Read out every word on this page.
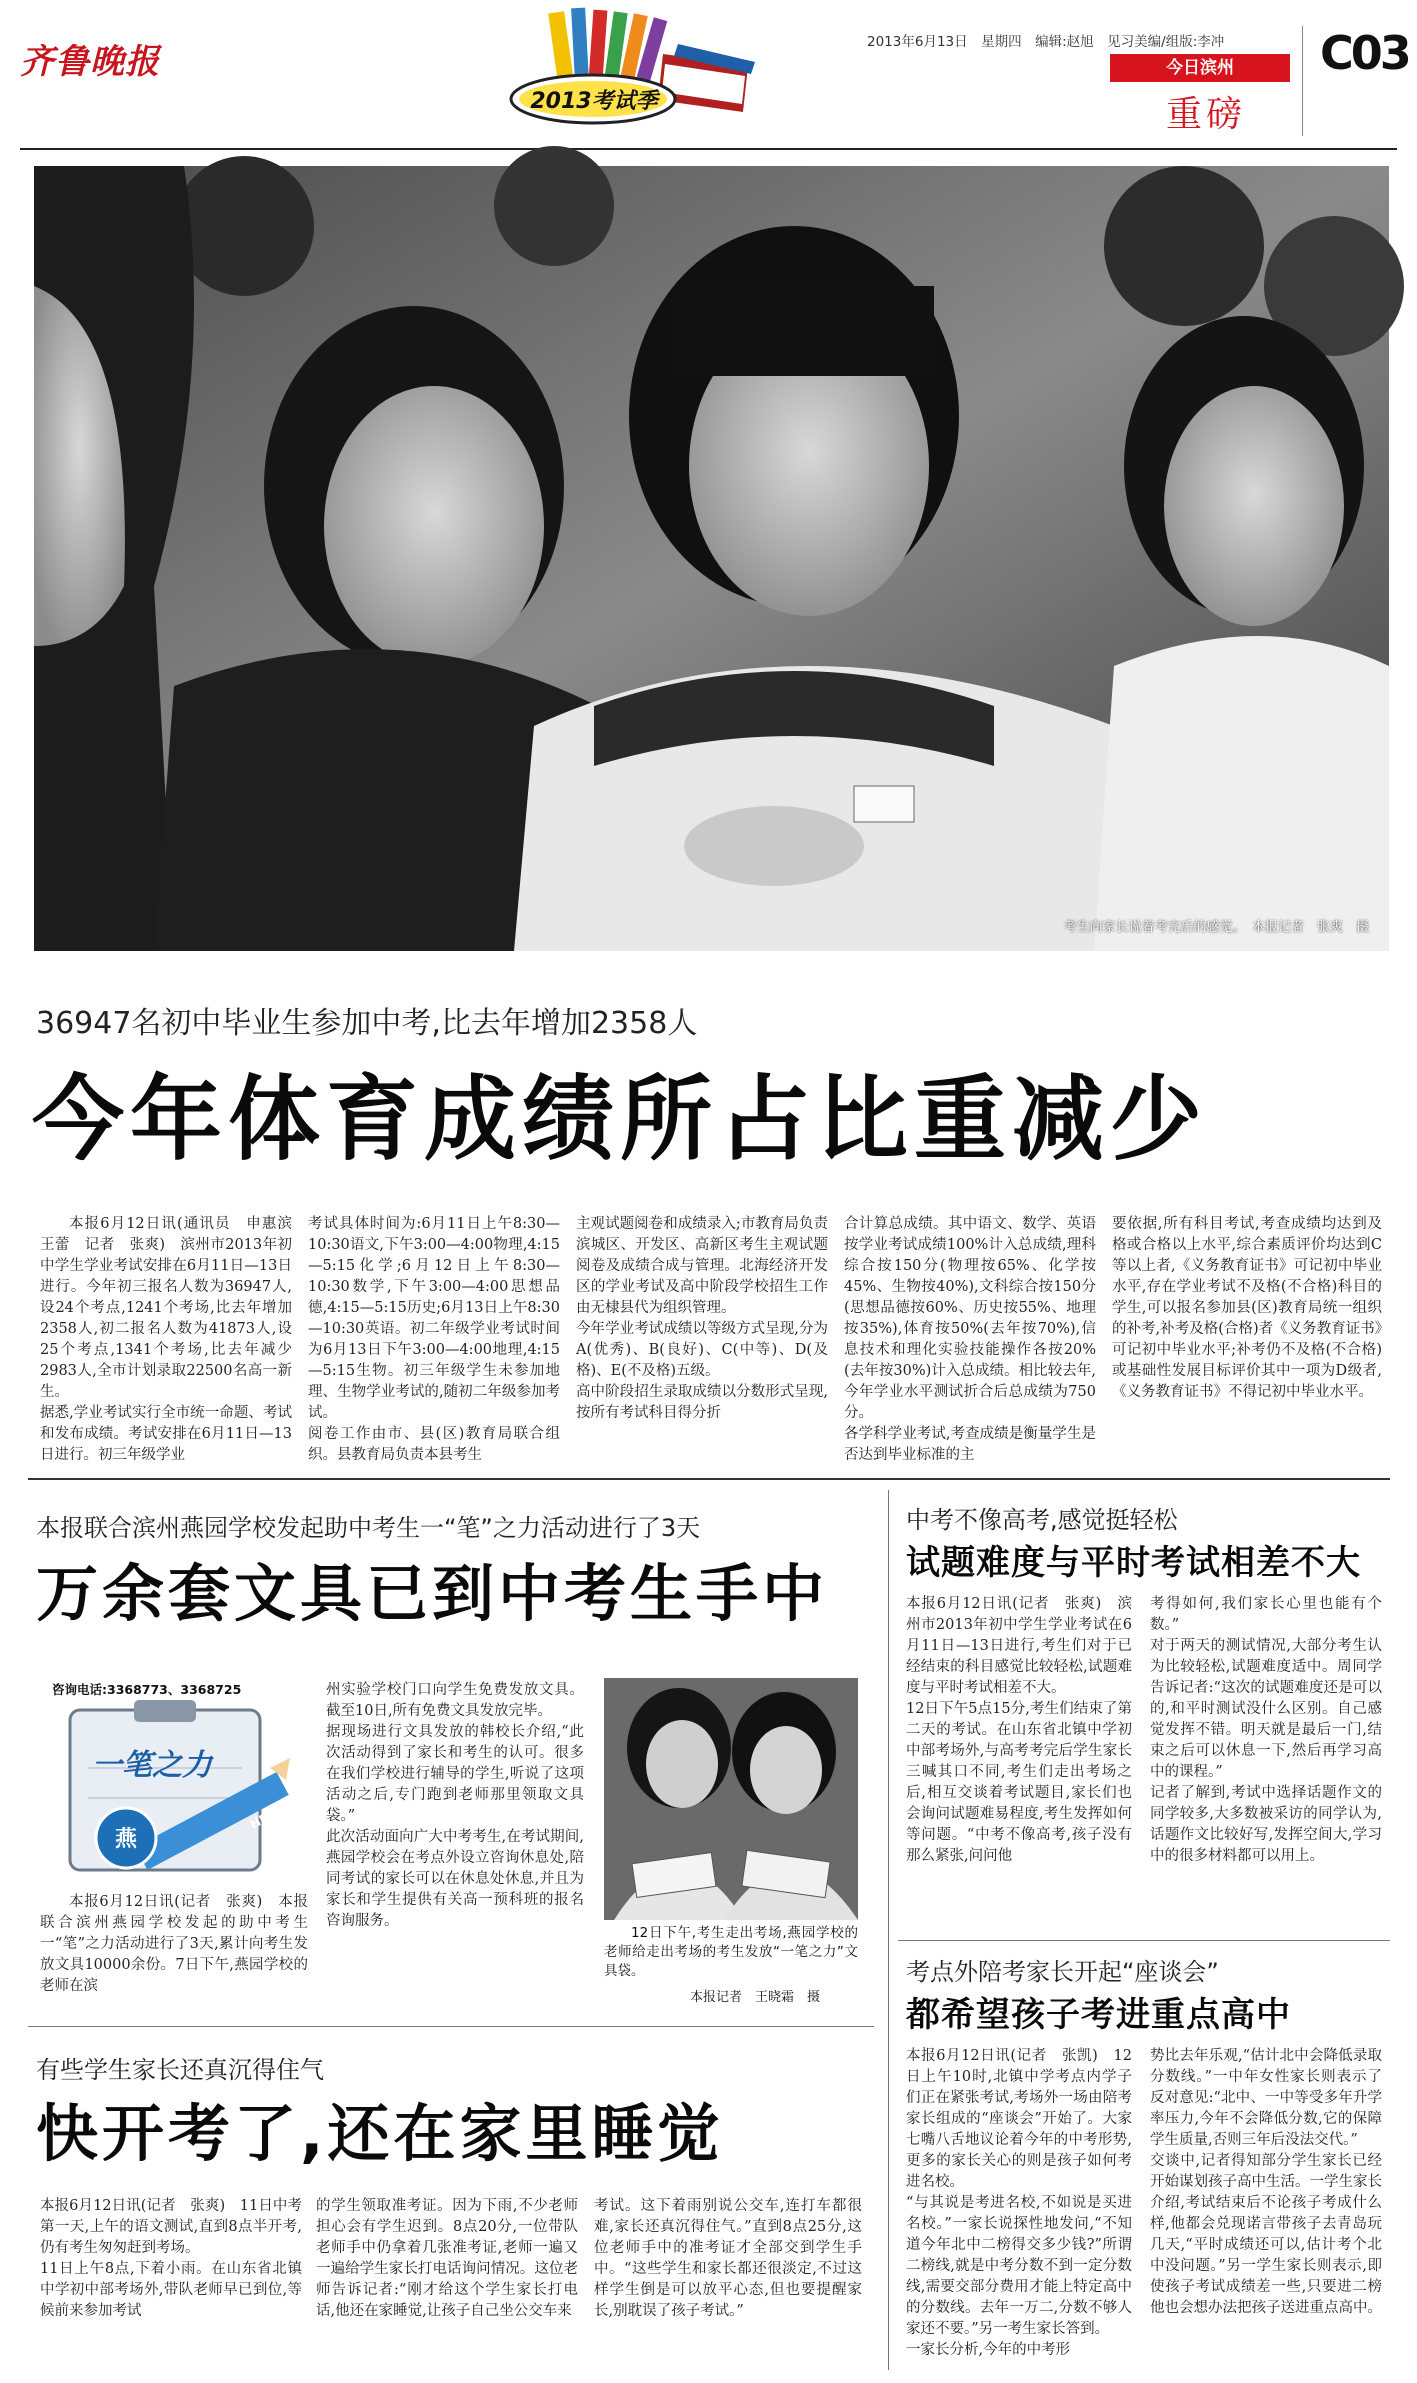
齐鲁晚报
2013考试季
2013年6月13日　星期四　编辑:赵旭　见习美编/组版:李冲
今日滨州
重磅
C03
考生向家长说着考完后的感觉。　本报记者　张爽　摄
36947名初中毕业生参加中考,比去年增加2358人
今年体育成绩所占比重减少
本报6月12日讯(通讯员　申惠滨　王蕾　记者　张爽)　滨州市2013年初中学生学业考试安排在6月11日—13日进行。今年初三报名人数为36947人,设24个考点,1241个考场,比去年增加2358人,初二报名人数为41873人,设25个考点,1341个考场,比去年减少2983人,全市计划录取22500名高一新生。
据悉,学业考试实行全市统一命题、考试和发布成绩。考试安排在6月11日—13日进行。初三年级学业
考试具体时间为:6月11日上午8:30—10:30语文,下午3:00—4:00物理,4:15—5:15化学;6月12日上午8:30—10:30数学,下午3:00—4:00思想品德,4:15—5:15历史;6月13日上午8:30—10:30英语。初二年级学业考试时间为6月13日下午3:00—4:00地理,4:15—5:15生物。初三年级学生未参加地理、生物学业考试的,随初二年级参加考试。
阅卷工作由市、县(区)教育局联合组织。县教育局负责本县考生
主观试题阅卷和成绩录入;市教育局负责滨城区、开发区、高新区考生主观试题阅卷及成绩合成与管理。北海经济开发区的学业考试及高中阶段学校招生工作由无棣县代为组织管理。
今年学业考试成绩以等级方式呈现,分为A(优秀)、B(良好)、C(中等)、D(及格)、E(不及格)五级。
高中阶段招生录取成绩以分数形式呈现,按所有考试科目得分折
合计算总成绩。其中语文、数学、英语按学业考试成绩100%计入总成绩,理科综合按150分(物理按65%、化学按45%、生物按40%),文科综合按150分(思想品德按60%、历史按55%、地理按35%),体育按50%(去年按70%),信息技术和理化实验技能操作各按20%(去年按30%)计入总成绩。相比较去年,今年学业水平测试折合后总成绩为750分。
各学科学业考试,考查成绩是衡量学生是否达到毕业标准的主
要依据,所有科目考试,考查成绩均达到及格或合格以上水平,综合素质评价均达到C等以上者,《义务教育证书》可记初中毕业水平,存在学业考试不及格(不合格)科目的学生,可以报名参加县(区)教育局统一组织的补考,补考及格(合格)者《义务教育证书》可记初中毕业水平;补考仍不及格(不合格)或基础性发展目标评价其中一项为D级者,《义务教育证书》不得记初中毕业水平。
本报联合滨州燕园学校发起助中考生一“笔”之力活动进行了3天
万余套文具已到中考生手中
咨询电话:3368773、3368725
一笔之力
燕
HB
本报6月12日讯(记者　张爽)　本报联合滨州燕园学校发起的助中考生一“笔”之力活动进行了3天,累计向考生发放文具10000余份。7日下午,燕园学校的老师在滨
州实验学校门口向学生免费发放文具。截至10日,所有免费文具发放完毕。
据现场进行文具发放的韩校长介绍,“此次活动得到了家长和考生的认可。很多在我们学校进行辅导的学生,听说了这项活动之后,专门跑到老师那里领取文具袋。”
此次活动面向广大中考考生,在考试期间,燕园学校会在考点外设立咨询休息处,陪同考试的家长可以在休息处休息,并且为家长和学生提供有关高一预科班的报名咨询服务。
12日下午,考生走出考场,燕园学校的老师给走出考场的考生发放“一笔之力”文具袋。
本报记者　王晓霜　摄
有些学生家长还真沉得住气
快开考了,还在家里睡觉
本报6月12日讯(记者　张爽)　11日中考第一天,上午的语文测试,直到8点半开考,仍有考生匆匆赶到考场。
11日上午8点,下着小雨。在山东省北镇中学初中部考场外,带队老师早已到位,等候前来参加考试
的学生领取准考证。因为下雨,不少老师担心会有学生迟到。8点20分,一位带队老师手中仍拿着几张准考证,老师一遍又一遍给学生家长打电话询问情况。这位老师告诉记者:“刚才给这个学生家长打电话,他还在家睡觉,让孩子自己坐公交车来
考试。这下着雨别说公交车,连打车都很难,家长还真沉得住气。”直到8点25分,这位老师手中的准考证才全部交到学生手中。“这些学生和家长都还很淡定,不过这样学生倒是可以放平心态,但也要提醒家长,别耽误了孩子考试。”
中考不像高考,感觉挺轻松
试题难度与平时考试相差不大
本报6月12日讯(记者　张爽)　滨州市2013年初中学生学业考试在6月11日—13日进行,考生们对于已经结束的科目感觉比较轻松,试题难度与平时考试相差不大。
12日下午5点15分,考生们结束了第二天的考试。在山东省北镇中学初中部考场外,与高考考完后学生家长三喊其口不同,考生们走出考场之后,相互交谈着考试题目,家长们也会询问试题难易程度,考生发挥如何等问题。“中考不像高考,孩子没有那么紧张,问问他
考得如何,我们家长心里也能有个数。”
对于两天的测试情况,大部分考生认为比较轻松,试题难度适中。周同学告诉记者:“这次的试题难度还是可以的,和平时测试没什么区别。自己感觉发挥不错。明天就是最后一门,结束之后可以休息一下,然后再学习高中的课程。”
记者了解到,考试中选择话题作文的同学较多,大多数被采访的同学认为,话题作文比较好写,发挥空间大,学习中的很多材料都可以用上。
考点外陪考家长开起“座谈会”
都希望孩子考进重点高中
本报6月12日讯(记者　张凯)　12日上午10时,北镇中学考点内学子们正在紧张考试,考场外一场由陪考家长组成的“座谈会”开始了。大家七嘴八舌地议论着今年的中考形势,更多的家长关心的则是孩子如何考进名校。
“与其说是考进名校,不如说是买进名校。”一家长说探性地发问,“不知道今年北中二榜得交多少钱?”所谓二榜线,就是中考分数不到一定分数线,需要交部分费用才能上特定高中的分数线。去年一万二,分数不够人家还不要。”另一考生家长答到。
一家长分析,今年的中考形
势比去年乐观,“估计北中会降低录取分数线。”一中年女性家长则表示了反对意见:“北中、一中等受多年升学率压力,今年不会降低分数,它的保障学生质量,否则三年后没法交代。”
交谈中,记者得知部分学生家长已经开始谋划孩子高中生活。一学生家长介绍,考试结束后不论孩子考成什么样,他都会兑现诺言带孩子去青岛玩几天,“平时成绩还可以,估计考个北中没问题。”另一学生家长则表示,即使孩子考试成绩差一些,只要进二榜他也会想办法把孩子送进重点高中。
